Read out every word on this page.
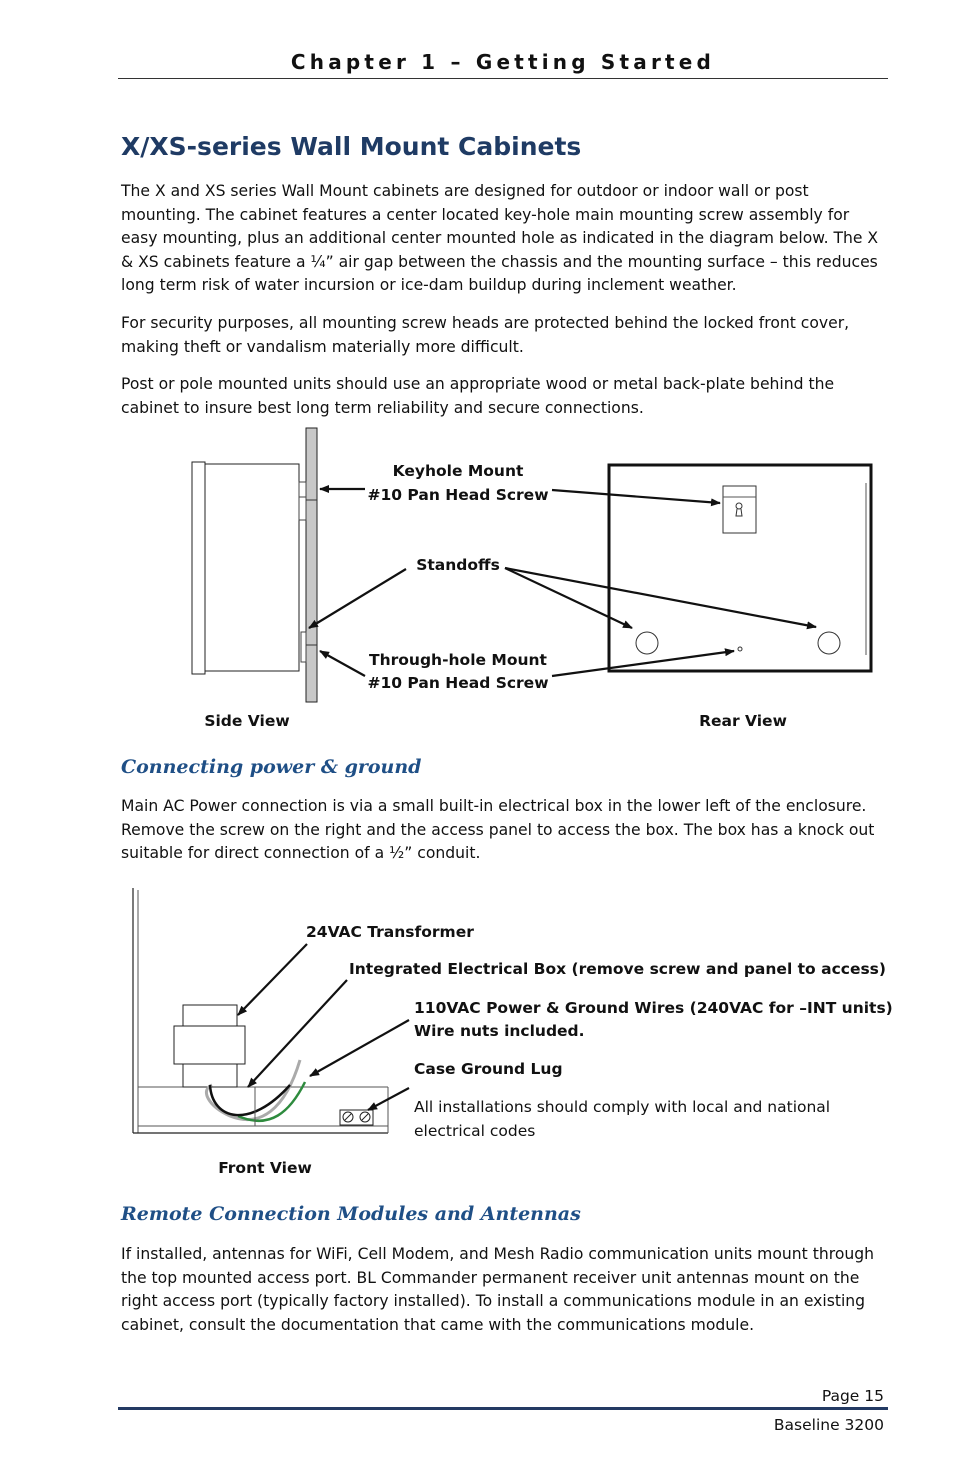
Chapter 1 – Getting Started
X/XS-series Wall Mount Cabinets
The X and XS series Wall Mount cabinets are designed for outdoor or indoor wall or post mounting. The cabinet features a center located key-hole main mounting screw assembly for easy mounting, plus an additional center mounted hole as indicated in the diagram below. The X & XS cabinets feature a ¼” air gap between the chassis and the mounting surface – this reduces long term risk of water incursion or ice-dam buildup during inclement weather.
For security purposes, all mounting screw heads are protected behind the locked front cover, making theft or vandalism materially more difficult.
Post or pole mounted units should use an appropriate wood or metal back-plate behind the cabinet to insure best long term reliability and secure connections.
Keyhole Mount
#10 Pan Head Screw
Standoffs
Through-hole Mount
#10 Pan Head Screw
Side View	Rear View
Connecting power & ground
Main AC Power connection is via a small built-in electrical box in the lower left of the enclosure. Remove the screw on the right and the access panel to access the box. The box has a knock out suitable for direct connection of a ½” conduit.
24VAC Transformer
Integrated Electrical Box (remove screw and panel to access)
110VAC Power & Ground Wires (240VAC for –INT units)
Wire nuts included.
Case Ground Lug
All installations should comply with local and national
electrical codes
Front View
Remote Connection Modules and Antennas
If installed, antennas for WiFi, Cell Modem, and Mesh Radio communication units mount through the top mounted access port. BL Commander permanent receiver unit antennas mount on the right access port (typically factory installed). To install a communications module in an existing cabinet, consult the documentation that came with the communications module.
Page 15
Baseline 3200
